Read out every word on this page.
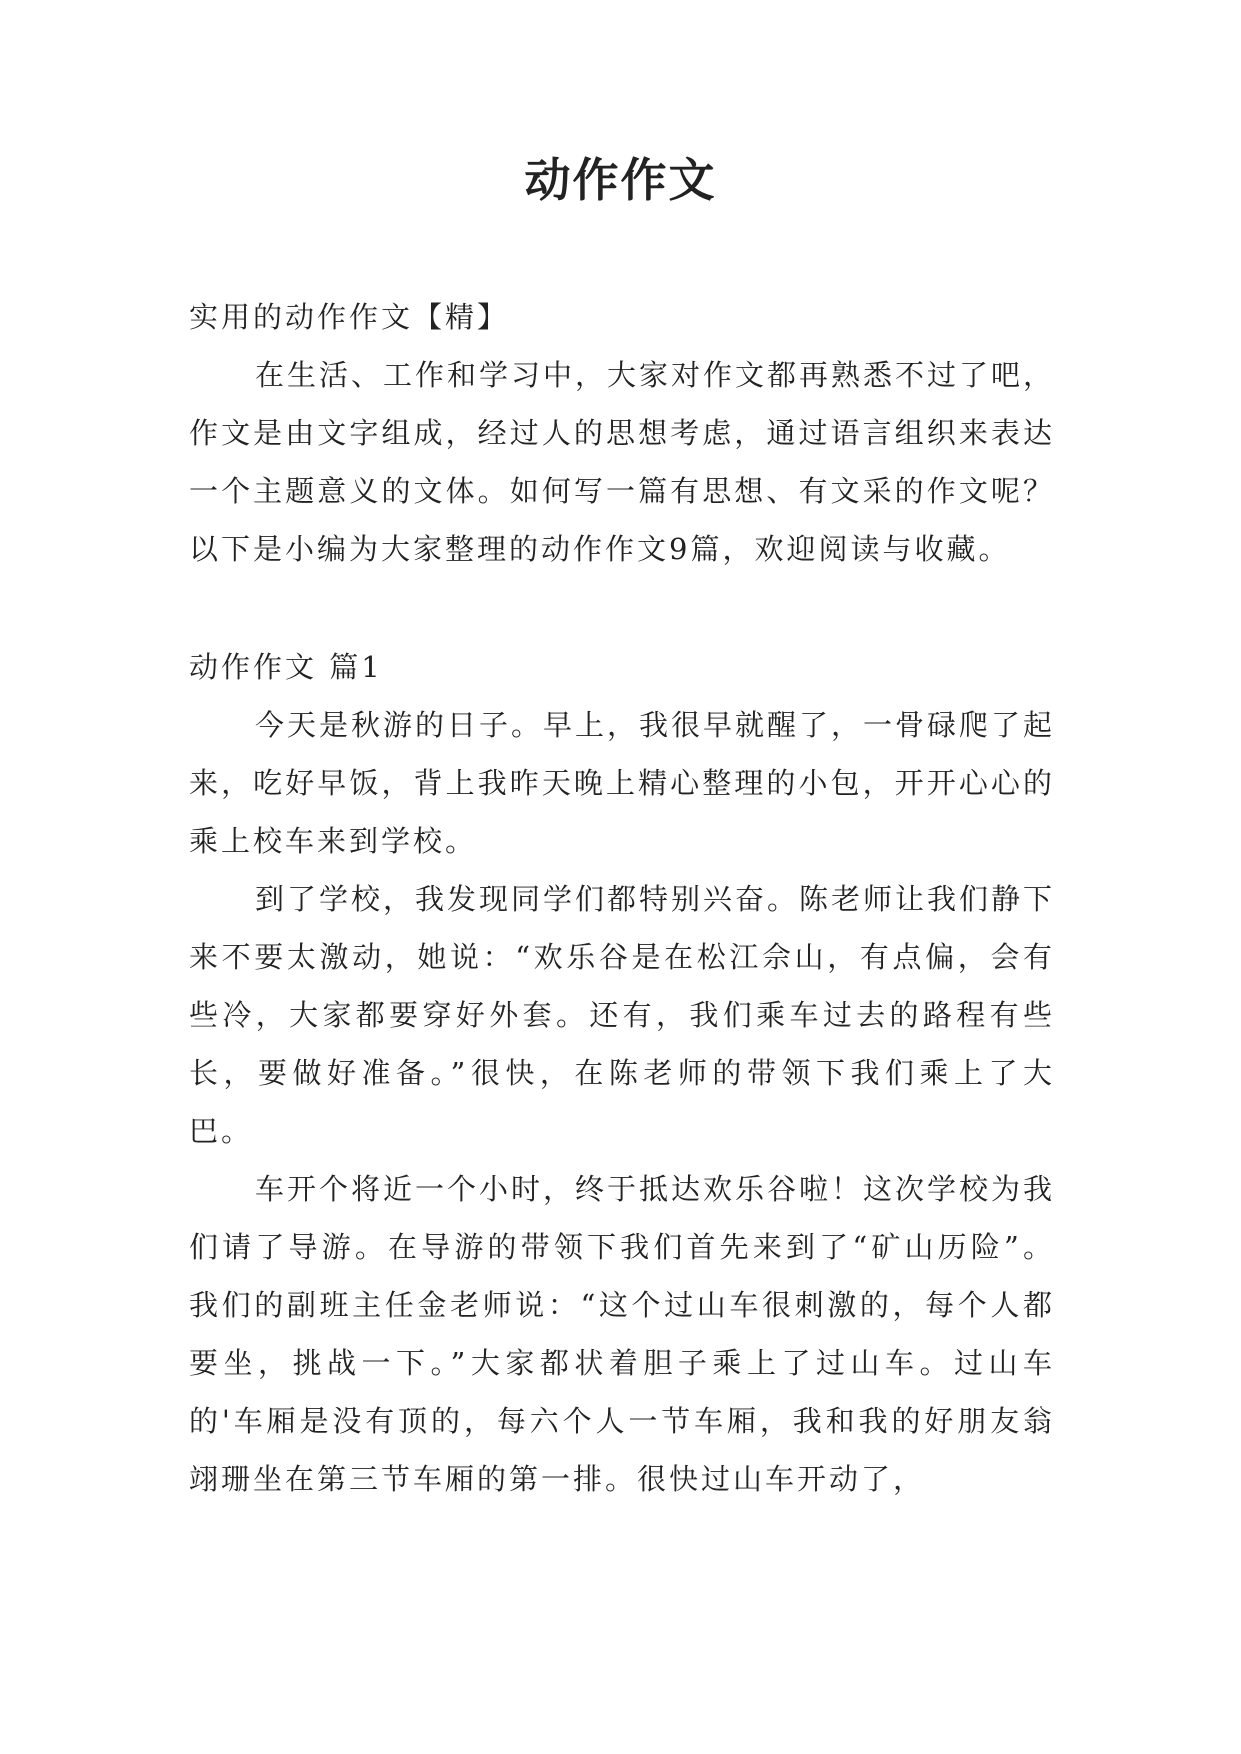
动作作文

实用的动作作文【精】

在生活、工作和学习中，大家对作文都再熟悉不过了吧，作文是由文字组成，经过人的思想考虑，通过语言组织来表达一个主题意义的文体。如何写一篇有思想、有文采的作文呢？以下是小编为大家整理的动作作文9篇，欢迎阅读与收藏。

动作作文 篇1

今天是秋游的日子。早上，我很早就醒了，一骨碌爬了起来，吃好早饭，背上我昨天晚上精心整理的小包，开开心心的乘上校车来到学校。

到了学校，我发现同学们都特别兴奋。陈老师让我们静下来不要太激动，她说：“欢乐谷是在松江佘山，有点偏，会有些冷，大家都要穿好外套。还有，我们乘车过去的路程有些长，要做好准备。”很快，在陈老师的带领下我们乘上了大巴。

车开个将近一个小时，终于抵达欢乐谷啦！这次学校为我们请了导游。在导游的带领下我们首先来到了“矿山历险”。我们的副班主任金老师说：“这个过山车很刺激的，每个人都要坐，挑战一下。”大家都状着胆子乘上了过山车。过山车的'车厢是没有顶的，每六个人一节车厢，我和我的好朋友翁翊珊坐在第三节车厢的第一排。很快过山车开动了，
